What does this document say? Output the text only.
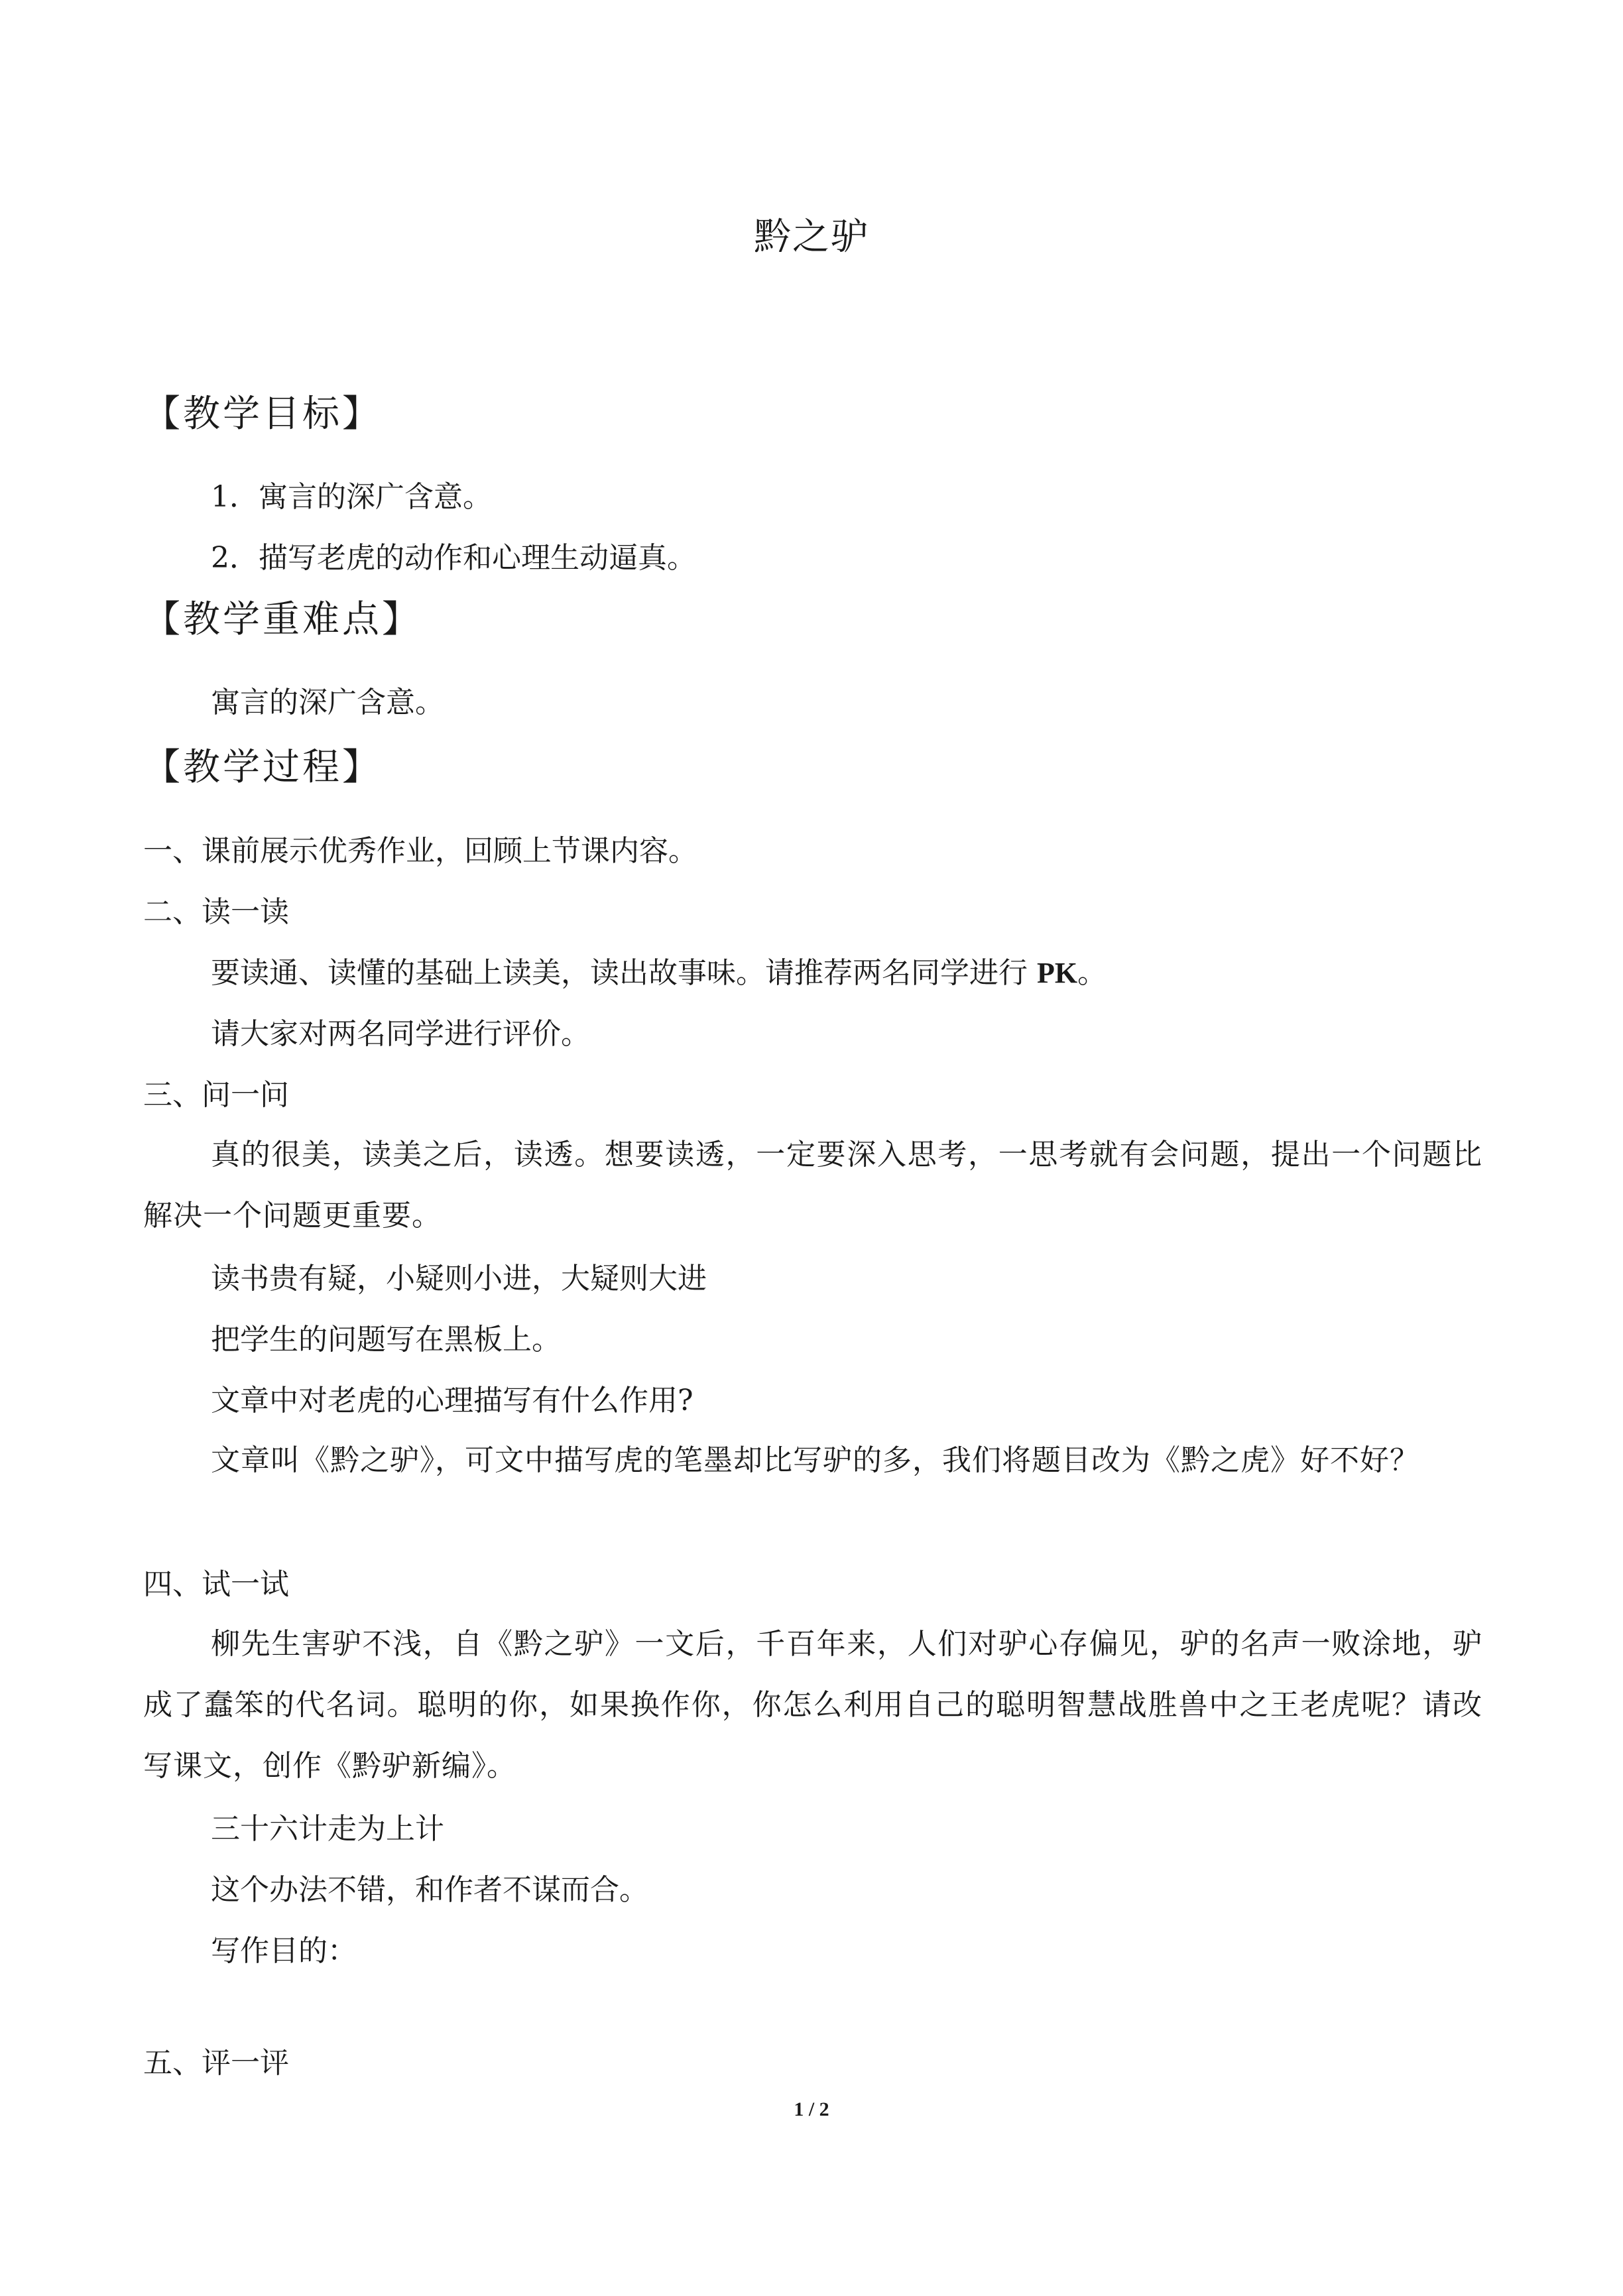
黔之驴
【教学目标】
1．寓言的深广含意。
2．描写老虎的动作和心理生动逼真。
【教学重难点】
寓言的深广含意。
【教学过程】
一、课前展示优秀作业，回顾上节课内容。
二、读一读
要读通、读懂的基础上读美，读出故事味。请推荐两名同学进行 PK。
请大家对两名同学进行评价。
三、问一问
真的很美，读美之后，读透。想要读透，一定要深入思考，一思考就有会问题，提出一个问题比解决一个问题更重要。
读书贵有疑，小疑则小进，大疑则大进
把学生的问题写在黑板上。
文章中对老虎的心理描写有什么作用?
文章叫《黔之驴》，可文中描写虎的笔墨却比写驴的多，我们将题目改为《黔之虎》好不好？
四、试一试
柳先生害驴不浅，自《黔之驴》一文后，千百年来，人们对驴心存偏见，驴的名声一败涂地，驴成了蠢笨的代名词。聪明的你，如果换作你，你怎么利用自己的聪明智慧战胜兽中之王老虎呢？请改写课文，创作《黔驴新编》。
三十六计走为上计
这个办法不错，和作者不谋而合。
写作目的：
五、评一评
1 / 2
